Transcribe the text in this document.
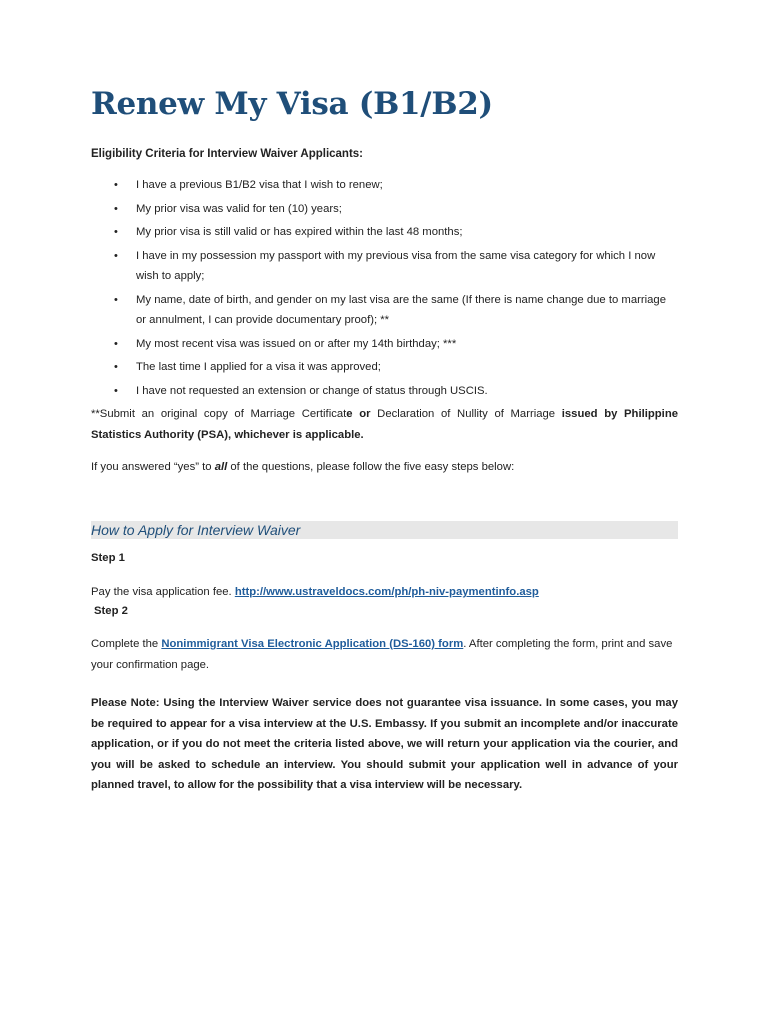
Renew My Visa (B1/B2)

Eligibility Criteria for Interview Waiver Applicants:

• I have a previous B1/B2 visa that I wish to renew;
• My prior visa was valid for ten (10) years;
• My prior visa is still valid or has expired within the last 48 months;
• I have in my possession my passport with my previous visa from the same visa category for which I now wish to apply;
• My name, date of birth, and gender on my last visa are the same (If there is name change due to marriage or annulment, I can provide documentary proof); **
• My most recent visa was issued on or after my 14th birthday; ***
• The last time I applied for a visa it was approved;
• I have not requested an extension or change of status through USCIS.

**Submit an original copy of Marriage Certificate or Declaration of Nullity of Marriage issued by Philippine Statistics Authority (PSA), whichever is applicable.

If you answered “yes” to all of the questions, please follow the five easy steps below:

How to Apply for Interview Waiver

Step 1

Pay the visa application fee. http://www.ustraveldocs.com/ph/ph-niv-paymentinfo.asp

Step 2

Complete the Nonimmigrant Visa Electronic Application (DS-160) form. After completing the form, print and save your confirmation page.

Please Note: Using the Interview Waiver service does not guarantee visa issuance. In some cases, you may be required to appear for a visa interview at the U.S. Embassy. If you submit an incomplete and/or inaccurate application, or if you do not meet the criteria listed above, we will return your application via the courier, and you will be asked to schedule an interview. You should submit your application well in advance of your planned travel, to allow for the possibility that a visa interview will be necessary.
